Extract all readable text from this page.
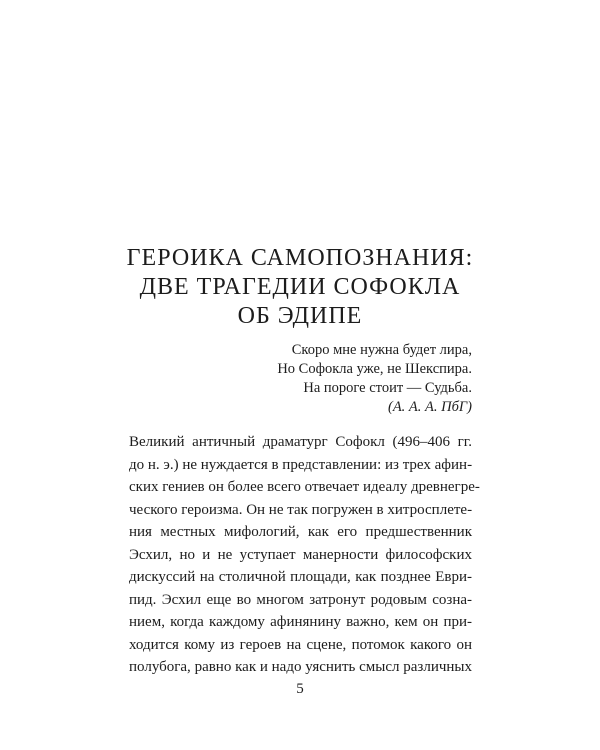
ГЕРОИКА САМОПОЗНАНИЯ:
ДВЕ ТРАГЕДИИ СОФОКЛА
ОБ ЭДИПЕ
Скоро мне нужна будет лира,
Но Софокла уже, не Шекспира.
На пороге стоит — Судьба.
(А. А. А. ПбГ)
Великий античный драматург Софокл (496–406 гг.
до н. э.) не нуждается в представлении: из трех афин-
ских гениев он более всего отвечает идеалу древнегре-
ческого героизма. Он не так погружен в хитросплете-
ния местных мифологий, как его предшественник
Эсхил, но и не уступает манерности философских
дискуссий на столичной площади, как позднее Еври-
пид. Эсхил еще во многом затронут родовым созна-
нием, когда каждому афинянину важно, кем он при-
ходится кому из героев на сцене, потомок какого он
полубога, равно как и надо уяснить смысл различных
5
